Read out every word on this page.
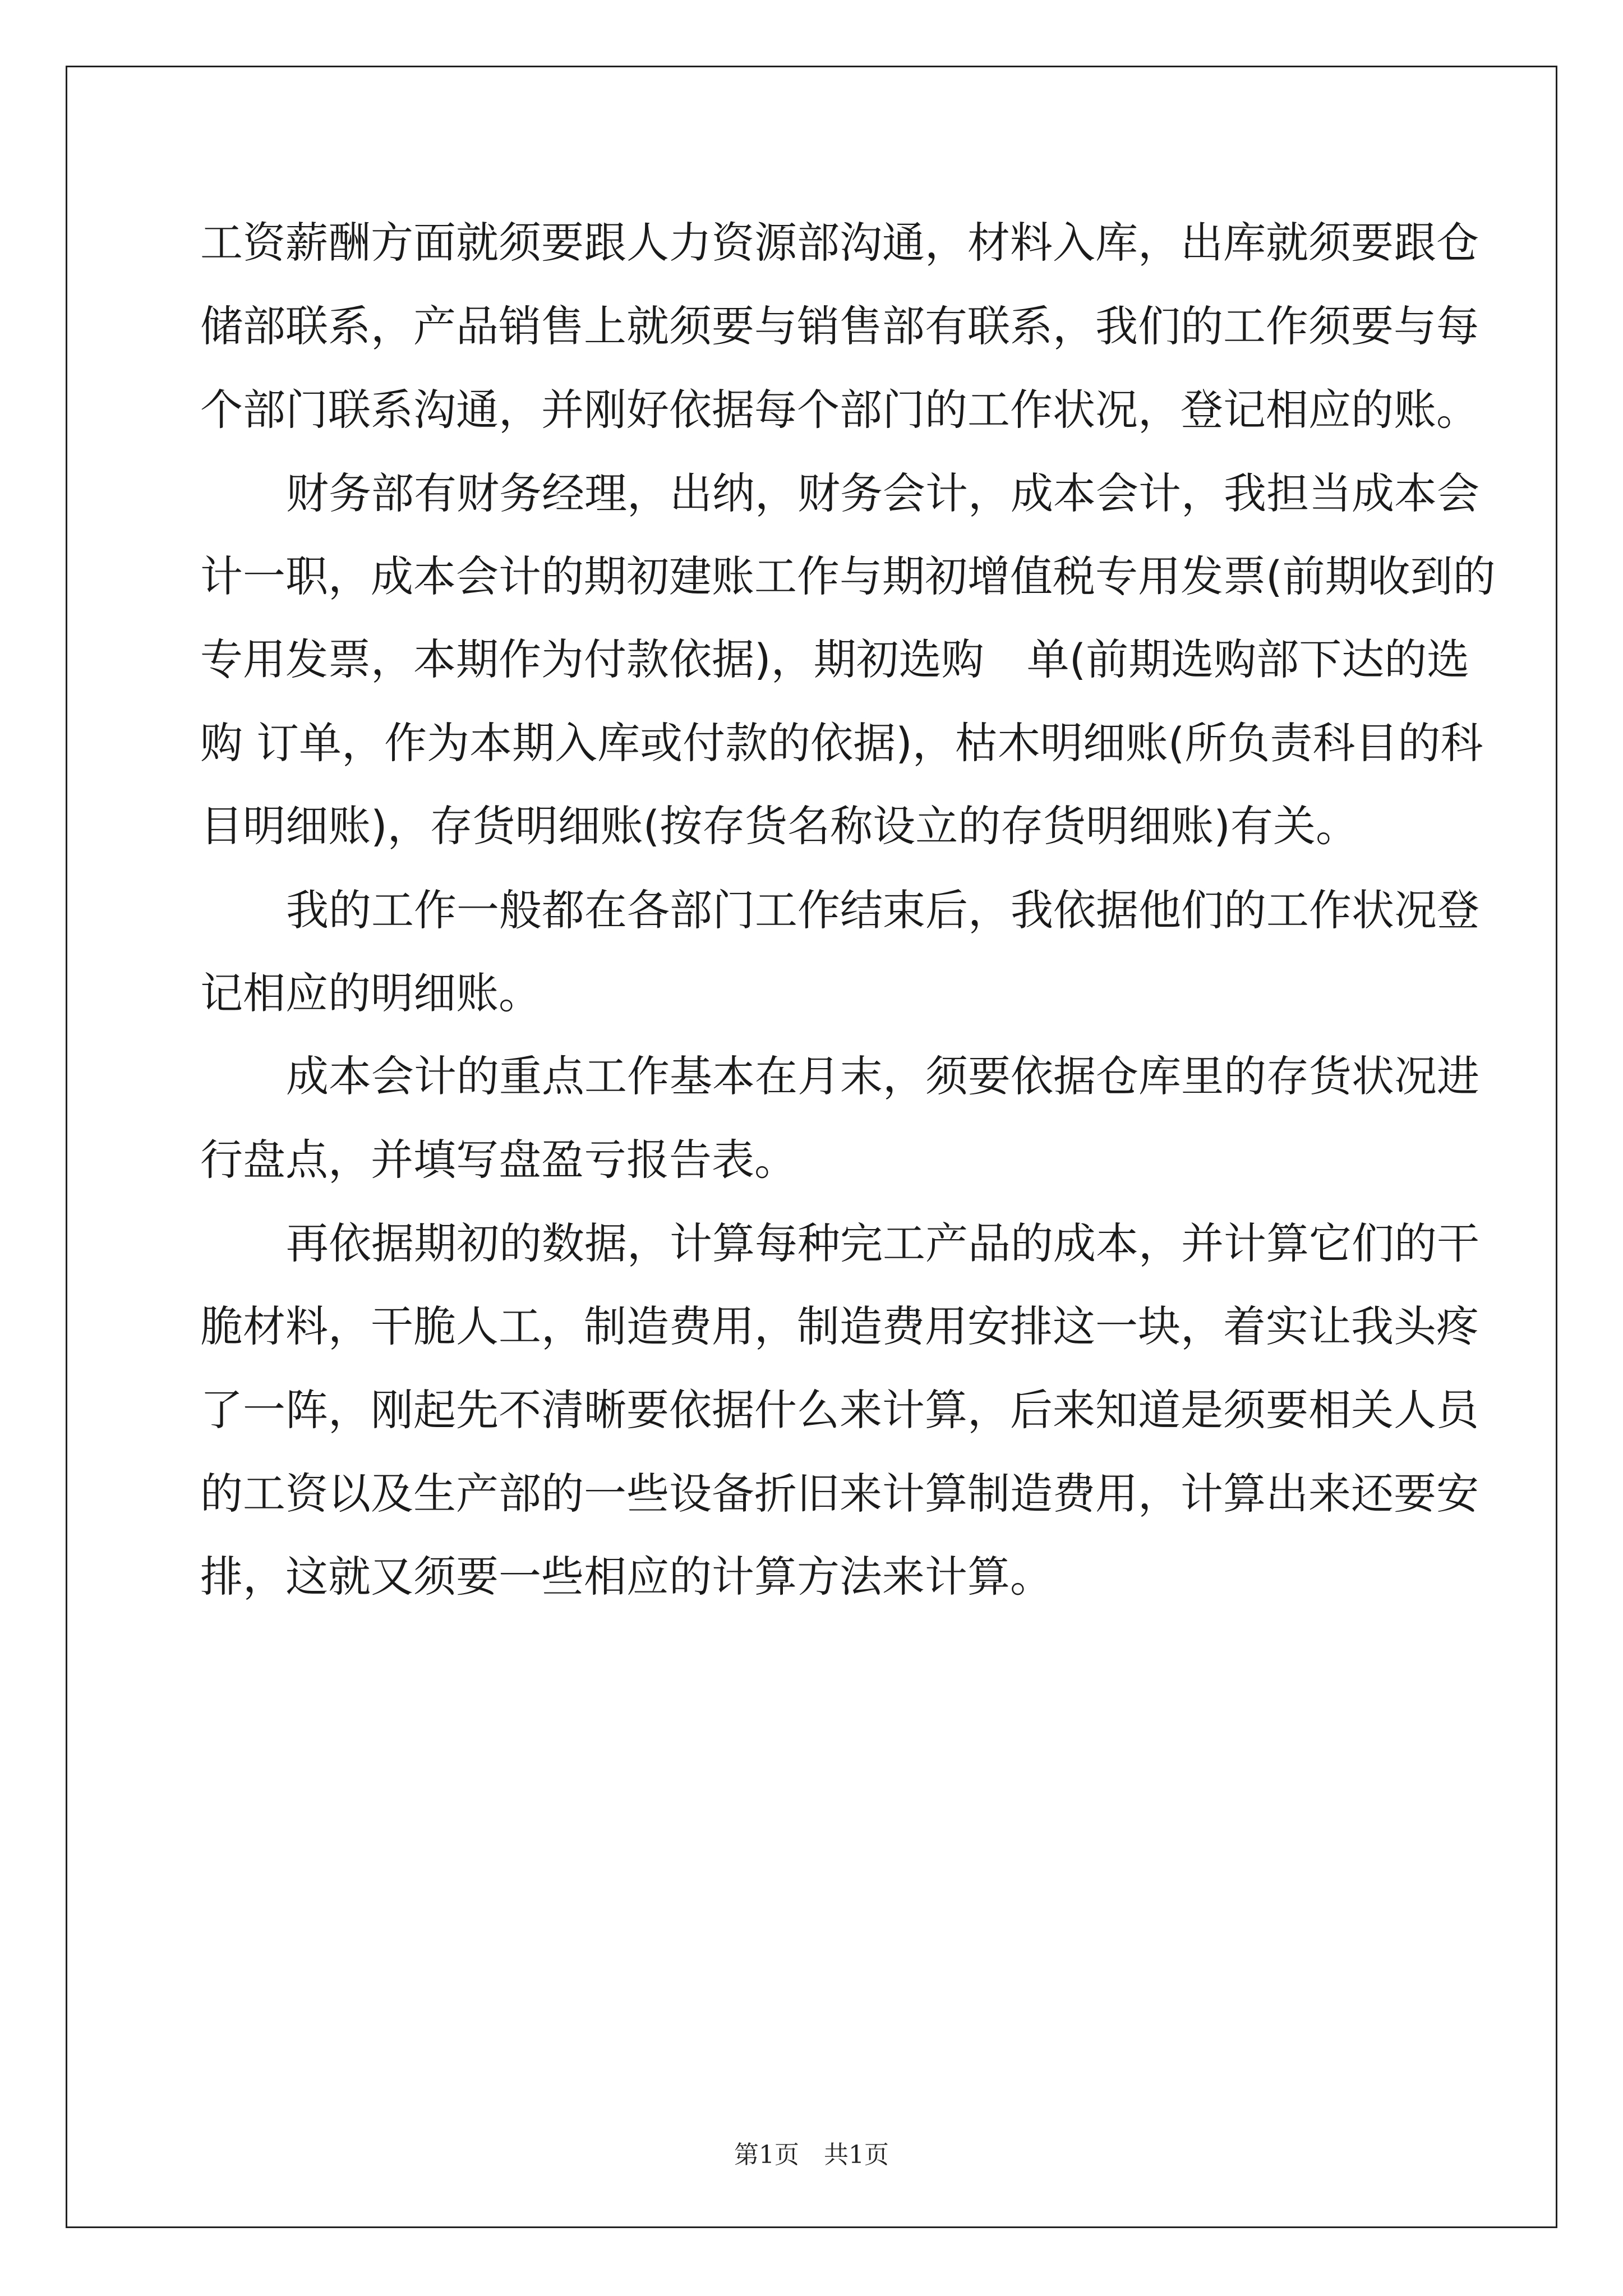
工资薪酬方面就须要跟人力资源部沟通，材料入库，出库就须要跟仓
储部联系，产品销售上就须要与销售部有联系，我们的工作须要与每
个部门联系沟通，并刚好依据每个部门的工作状况，登记相应的账。
财务部有财务经理，出纳，财务会计，成本会计，我担当成本会
计一职，成本会计的期初建账工作与期初增值税专用发票(前期收到的
专用发票，本期作为付款依据)，期初选购　单(前期选购部下达的选
购 订单，作为本期入库或付款的依据)，枯木明细账(所负责科目的科
目明细账)，存货明细账(按存货名称设立的存货明细账)有关。
我的工作一般都在各部门工作结束后，我依据他们的工作状况登
记相应的明细账。
成本会计的重点工作基本在月末，须要依据仓库里的存货状况进
行盘点，并填写盘盈亏报告表。
再依据期初的数据，计算每种完工产品的成本，并计算它们的干
脆材料，干脆人工，制造费用，制造费用安排这一块，着实让我头疼
了一阵，刚起先不清晰要依据什么来计算，后来知道是须要相关人员
的工资以及生产部的一些设备折旧来计算制造费用，计算出来还要安
排，这就又须要一些相应的计算方法来计算。
第1页　共1页
